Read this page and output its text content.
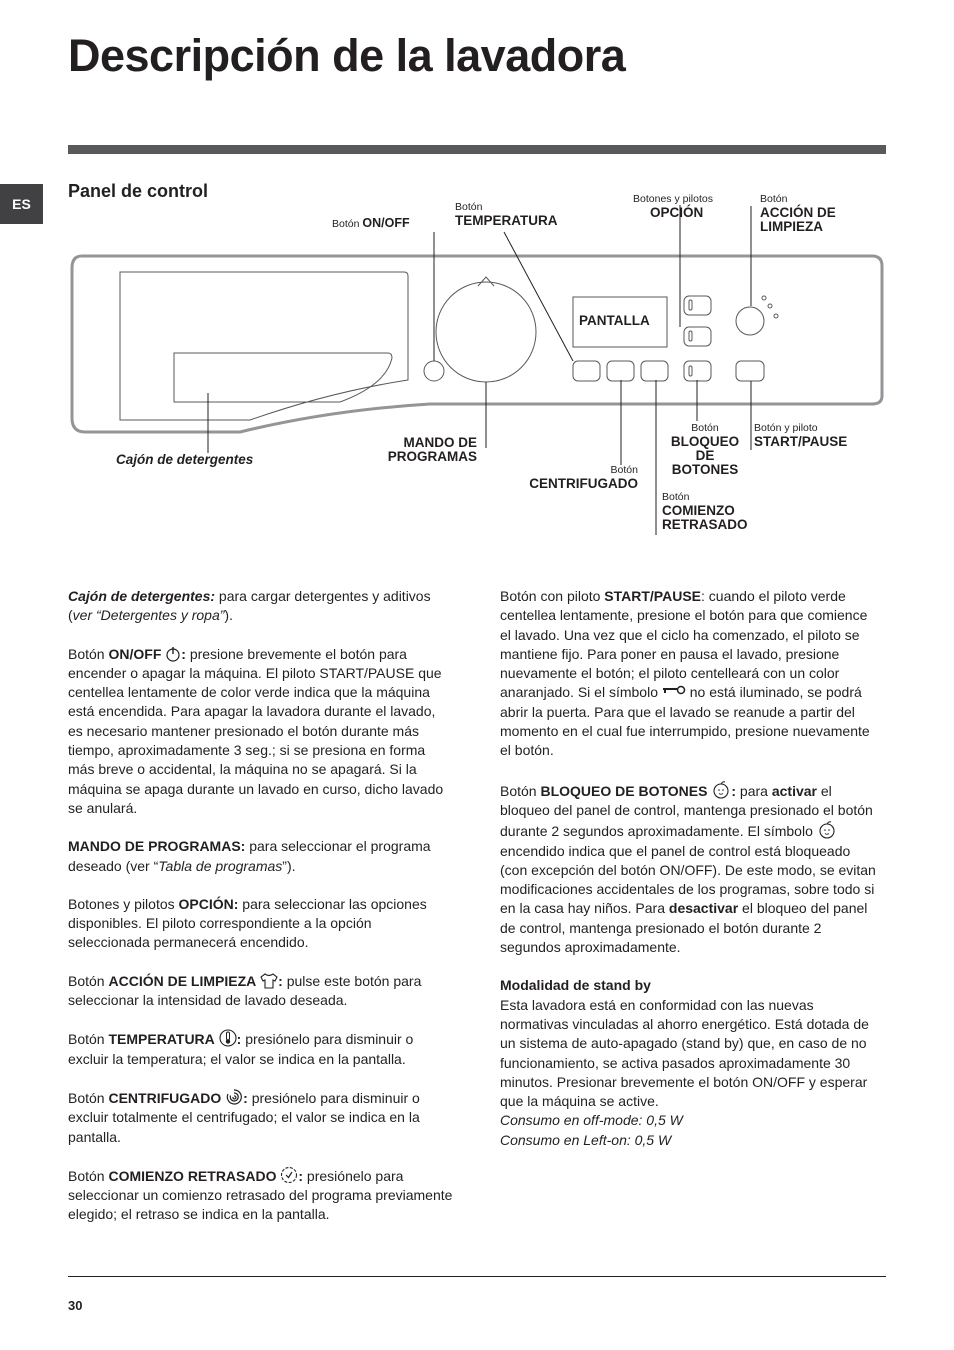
Descripción de la lavadora
ES
Panel de control
Botón ON/OFF
Botón
TEMPERATURA
Botones y pilotos
OPCIÓN
Botón
ACCIÓN DE
LIMPIEZA
PANTALLA
Cajón de detergentes
MANDO DE
PROGRAMAS
Botón
CENTRIFUGADO
Botón
BLOQUEO
DE
BOTONES
Botón y piloto
START/PAUSE
Botón
COMIENZO
RETRASADO

Cajón de detergentes: para cargar detergentes y aditivos (ver “Detergentes y ropa”).

Botón ON/OFF : presione brevemente el botón para encender o apagar la máquina. El piloto START/PAUSE que centellea lentamente de color verde indica que la máquina está encendida. Para apagar la lavadora durante el lavado, es necesario mantener presionado el botón durante más tiempo, aproximadamente 3 seg.; si se presiona en forma más breve o accidental, la máquina no se apagará. Si la máquina se apaga durante un lavado en curso, dicho lavado se anulará.

MANDO DE PROGRAMAS: para seleccionar el programa deseado (ver “Tabla de programas”).

Botones y pilotos OPCIÓN: para seleccionar las opciones disponibles. El piloto correspondiente a la opción seleccionada permanecerá encendido.

Botón ACCIÓN DE LIMPIEZA : pulse este botón para seleccionar la intensidad de lavado deseada.

Botón TEMPERATURA : presiónelo para disminuir o excluir la temperatura; el valor se indica en la pantalla.

Botón CENTRIFUGADO : presiónelo para disminuir o excluir totalmente el centrifugado; el valor se indica en la pantalla.

Botón COMIENZO RETRASADO : presiónelo para seleccionar un comienzo retrasado del programa previamente elegido; el retraso se indica en la pantalla.

Botón con piloto START/PAUSE: cuando el piloto verde centellea lentamente, presione el botón para que comience el lavado. Una vez que el ciclo ha comenzado, el piloto se mantiene fijo. Para poner en pausa el lavado, presione nuevamente el botón; el piloto centelleará con un color anaranjado. Si el símbolo  no está iluminado, se podrá abrir la puerta. Para que el lavado se reanude a partir del momento en el cual fue interrumpido, presione nuevamente el botón.

Botón BLOQUEO DE BOTONES : para activar el bloqueo del panel de control, mantenga presionado el botón durante 2 segundos aproximadamente. El símbolo  encendido indica que el panel de control está bloqueado (con excepción del botón ON/OFF). De este modo, se evitan modificaciones accidentales de los programas, sobre todo si en la casa hay niños. Para desactivar el bloqueo del panel de control, mantenga presionado el botón durante 2 segundos aproximadamente.

Modalidad de stand by
Esta lavadora está en conformidad con las nuevas normativas vinculadas al ahorro energético. Está dotada de un sistema de auto-apagado (stand by) que, en caso de no funcionamiento, se activa pasados aproximadamente 30 minutos. Presionar brevemente el botón ON/OFF y esperar que la máquina se active.
Consumo en off-mode: 0,5 W
Consumo en Left-on: 0,5 W

30
